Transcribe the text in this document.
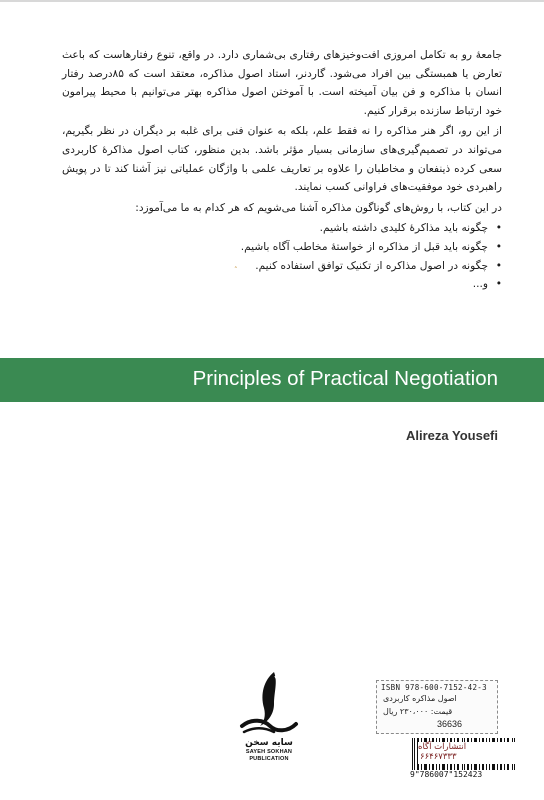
جامعهٔ رو به تکامل امروزی افت‌وخیزهای رفتاری بی‌شماری دارد. در واقع، تنوع رفتارهاست که باعث تعارض یا همبستگی بین افراد می‌شود. گاردنر، استاد اصول مذاکره، معتقد است که ۸۵درصد رفتار انسان با مذاکره و فن بیان آمیخته است. با آموختن اصول مذاکره بهتر می‌توانیم با محیط پیرامون خود ارتباط سازنده برقرار کنیم.

از این رو، اگر هنر مذاکره را نه فقط علم، بلکه به عنوان فنی برای غلبه بر دیگران در نظر بگیریم، می‌تواند در تصمیم‌گیری‌های سازمانی بسیار مؤثر باشد. بدین منظور، کتاب اصول مذاکرهٔ کاربردی سعی کرده ذینفعان و مخاطبان را علاوه بر تعاریف علمی با واژگان عملیاتی نیز آشنا کند تا در پویش راهبردی خود موفقیت‌های فراوانی کسب نمایند.

در این کتاب، با روش‌های گوناگون مذاکره آشنا می‌شویم که هر کدام به ما می‌آموزد:

• چگونه باید مذاکرهٔ کلیدی داشته باشیم.
• چگونه باید قبل از مذاکره از خواستهٔ مخاطب آگاه باشیم.
• چگونه در اصول مذاکره از تکنیک توافق استفاده کنیم.
• و...
˄
Principles of Practical Negotiation
Alireza Yousefi
سایه سخن
SAYEH SOKHAN
PUBLICATION
ISBN 978-600-7152-42-3
اصول مذاکره کاربردی
قیمت: ۲۳۰،۰۰۰ ریال
36636
9"786007"152423
انتشارات آگاه
۶۶۴۶۷۳۳۳
